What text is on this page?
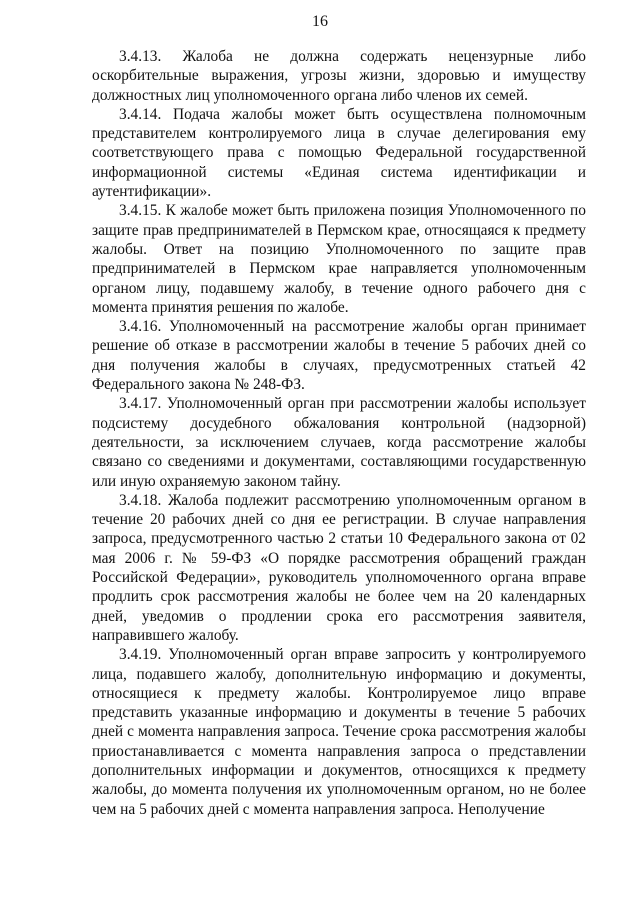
16

3.4.13. Жалоба не должна содержать нецензурные либо оскорбительные выражения, угрозы жизни, здоровью и имуществу должностных лиц уполномоченного органа либо членов их семей.

3.4.14. Подача жалобы может быть осуществлена полномочным представителем контролируемого лица в случае делегирования ему соответствующего права с помощью Федеральной государственной информационной системы «Единая система идентификации и аутентификации».

3.4.15. К жалобе может быть приложена позиция Уполномоченного по защите прав предпринимателей в Пермском крае, относящаяся к предмету жалобы. Ответ на позицию Уполномоченного по защите прав предпринимателей в Пермском крае направляется уполномоченным органом лицу, подавшему жалобу, в течение одного рабочего дня с момента принятия решения по жалобе.

3.4.16. Уполномоченный на рассмотрение жалобы орган принимает решение об отказе в рассмотрении жалобы в течение 5 рабочих дней со дня получения жалобы в случаях, предусмотренных статьей 42 Федерального закона № 248-ФЗ.

3.4.17. Уполномоченный орган при рассмотрении жалобы использует подсистему досудебного обжалования контрольной (надзорной) деятельности, за исключением случаев, когда рассмотрение жалобы связано со сведениями и документами, составляющими государственную или иную охраняемую законом тайну.

3.4.18. Жалоба подлежит рассмотрению уполномоченным органом в течение 20 рабочих дней со дня ее регистрации. В случае направления запроса, предусмотренного частью 2 статьи 10 Федерального закона от 02 мая 2006 г. № 59-ФЗ «О порядке рассмотрения обращений граждан Российской Федерации», руководитель уполномоченного органа вправе продлить срок рассмотрения жалобы не более чем на 20 календарных дней, уведомив о продлении срока его рассмотрения заявителя, направившего жалобу.

3.4.19. Уполномоченный орган вправе запросить у контролируемого лица, подавшего жалобу, дополнительную информацию и документы, относящиеся к предмету жалобы. Контролируемое лицо вправе представить указанные информацию и документы в течение 5 рабочих дней с момента направления запроса. Течение срока рассмотрения жалобы приостанавливается с момента направления запроса о представлении дополнительных информации и документов, относящихся к предмету жалобы, до момента получения их уполномоченным органом, но не более чем на 5 рабочих дней с момента направления запроса. Неполучение
